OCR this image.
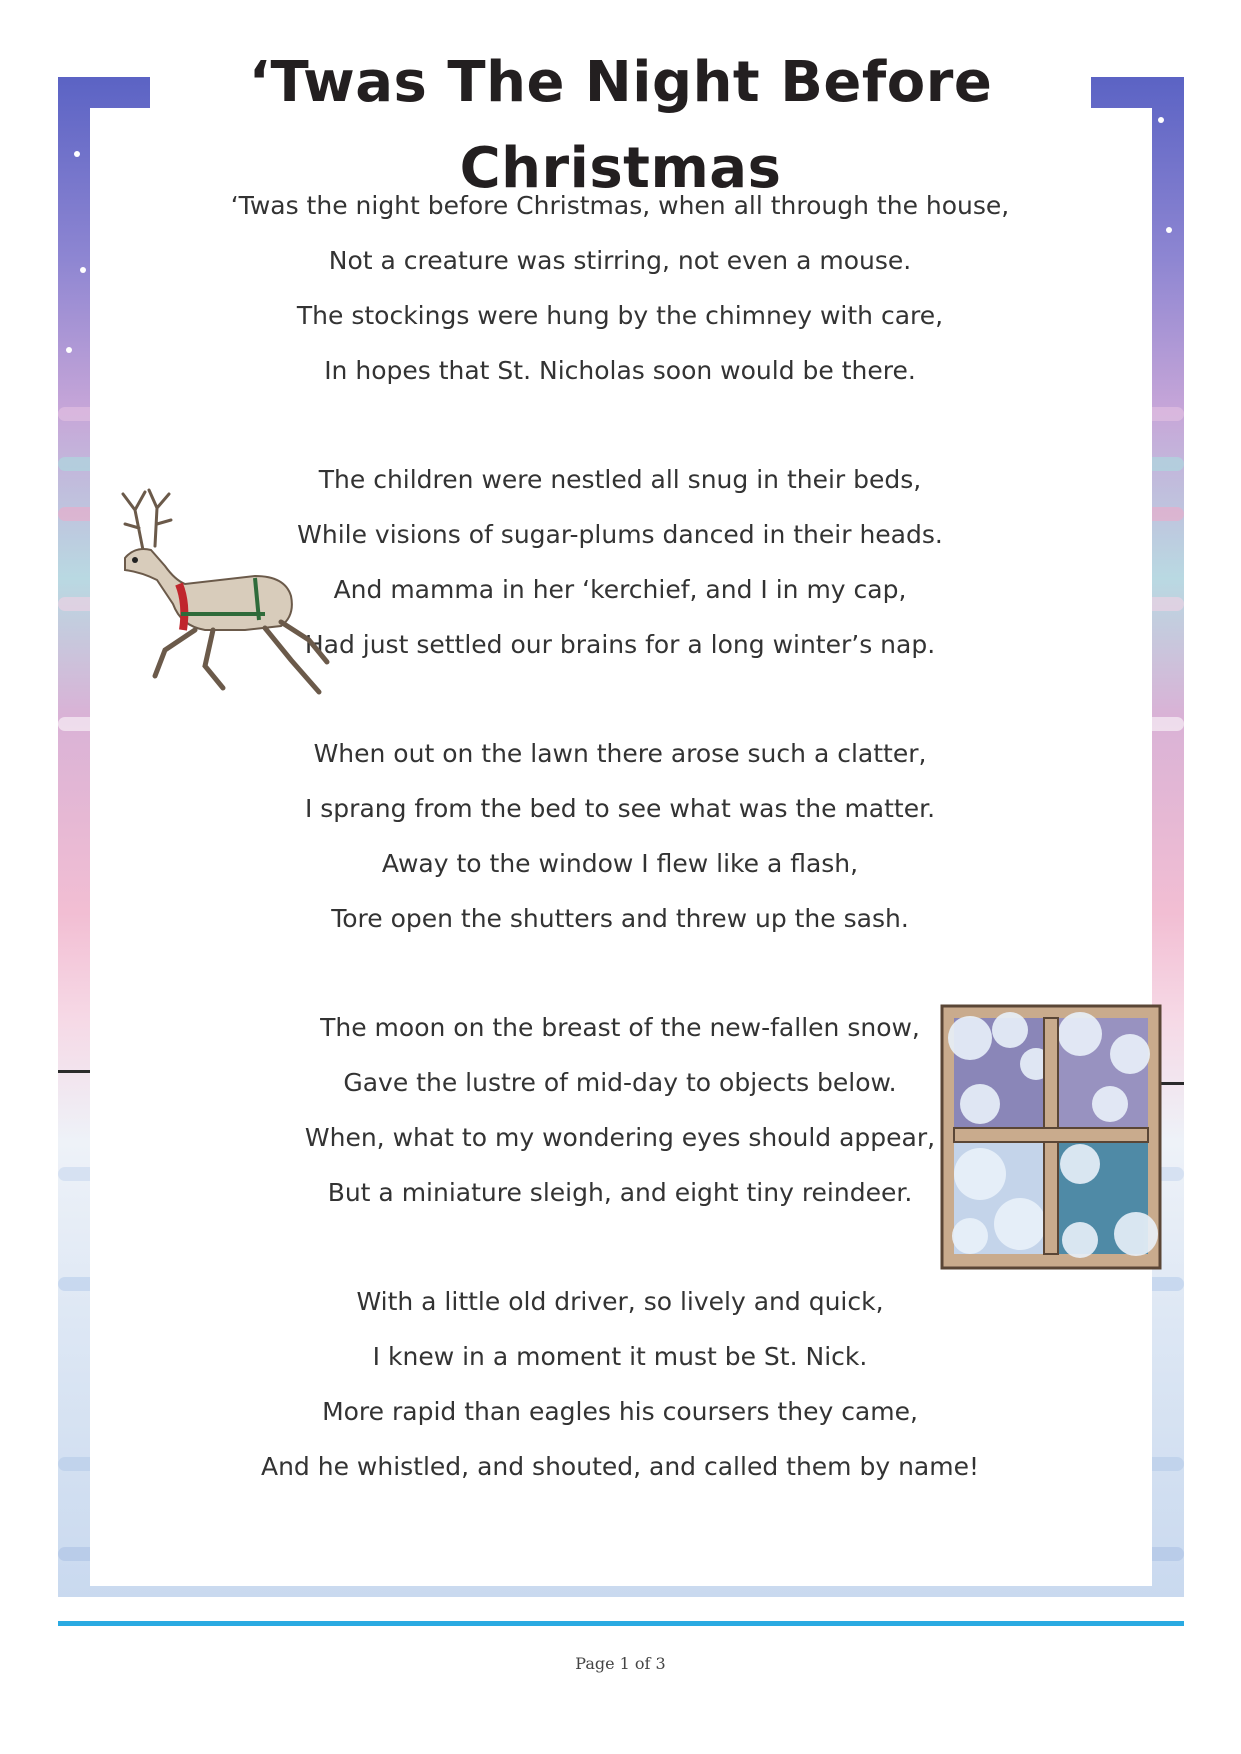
‘Twas The Night Before Christmas
‘Twas the night before Christmas, when all through the house,
Not a creature was stirring, not even a mouse.
The stockings were hung by the chimney with care,
In hopes that St. Nicholas soon would be there.
The children were nestled all snug in their beds,
While visions of sugar-plums danced in their heads.
And mamma in her ‘kerchief, and I in my cap,
Had just settled our brains for a long winter’s nap.
When out on the lawn there arose such a clatter,
I sprang from the bed to see what was the matter.
Away to the window I flew like a flash,
Tore open the shutters and threw up the sash.
The moon on the breast of the new-fallen snow,
Gave the lustre of mid-day to objects below.
When, what to my wondering eyes should appear,
But a miniature sleigh, and eight tiny reindeer.
With a little old driver, so lively and quick,
I knew in a moment it must be St. Nick.
More rapid than eagles his coursers they came,
And he whistled, and shouted, and called them by name!
Page 1 of 3
